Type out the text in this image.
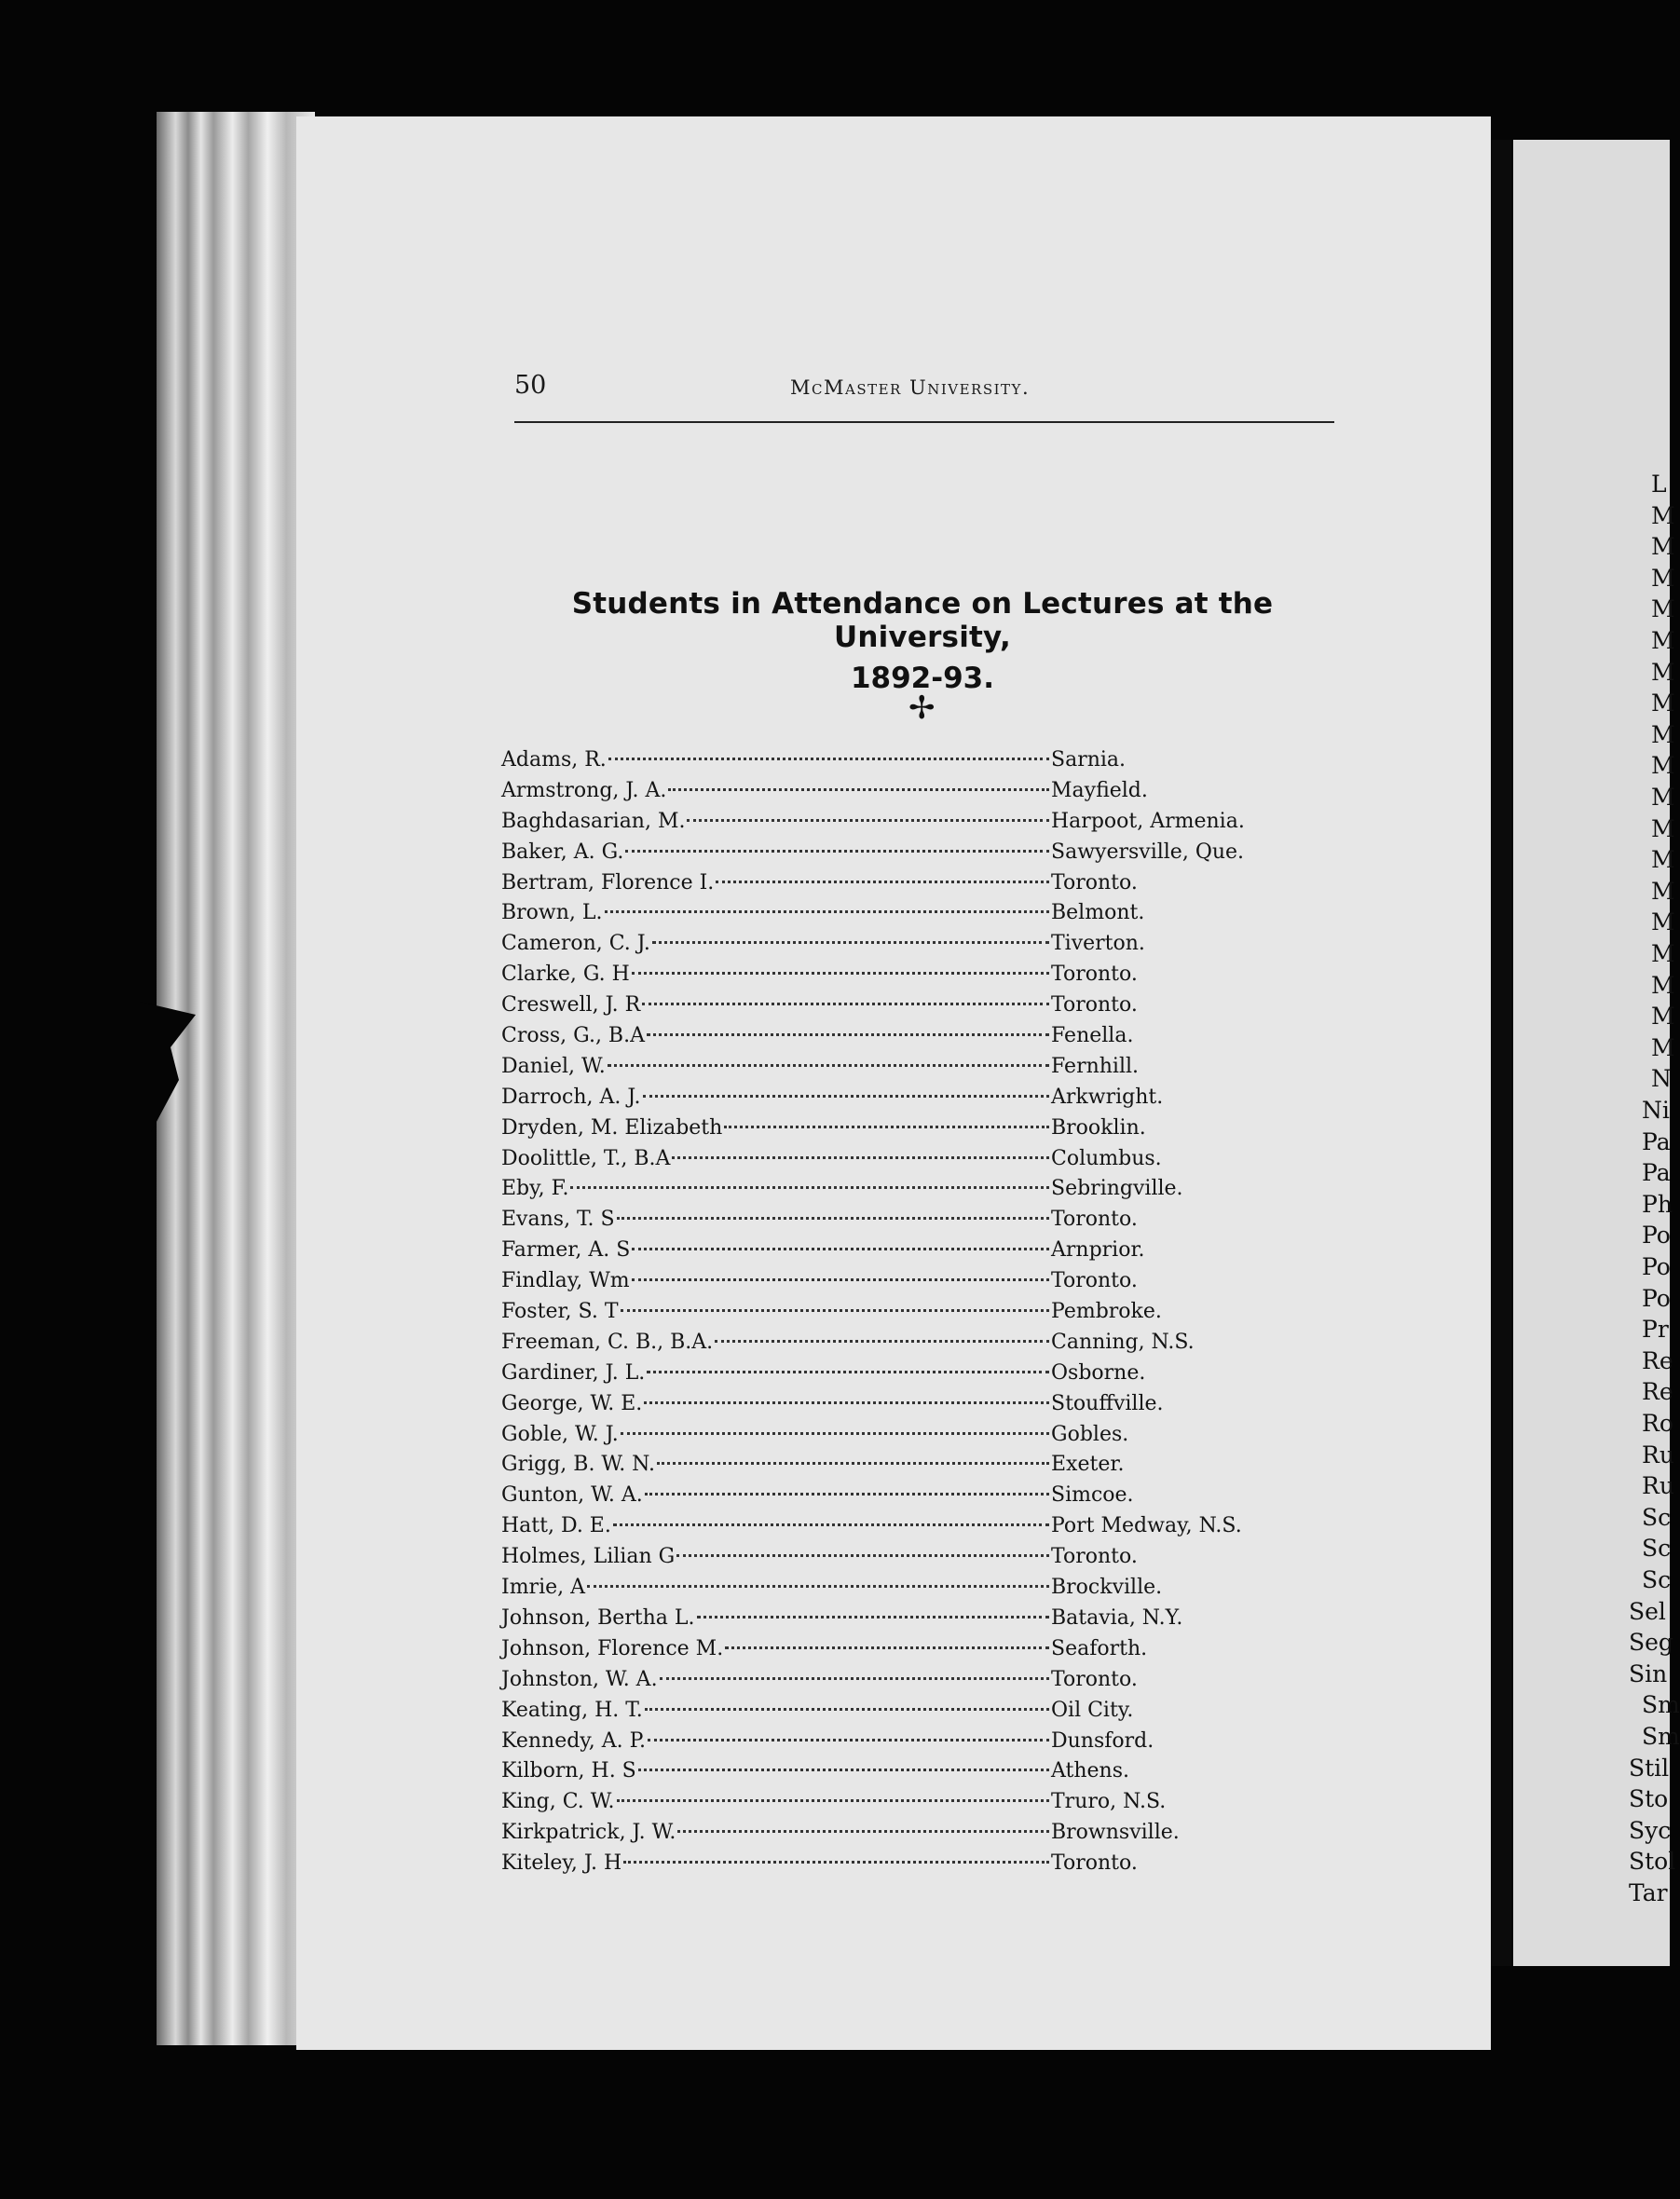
L
M
M
M
M
M
M
M
M
M
M
M
M
M
M
M
M
M
M
N
Ni
Pa
Pa
Ph
Po
Po
Po
Pr
Re
Re
Ro
Ru
Ru
Sc
Sc
Sc
Sel
Seg
Sin
Sm
Sm
Stil
Sto
Syc
Stol
Tar
50	McMaster University.
Students in Attendance on Lectures at the University,
1892-93.
✢
Adams, R.	Sarnia.
Armstrong, J. A.	Mayfield.
Baghdasarian, M.	Harpoot, Armenia.
Baker, A. G.	Sawyersville, Que.
Bertram, Florence I.	Toronto.
Brown, L.	Belmont.
Cameron, C. J.	Tiverton.
Clarke, G. H	Toronto.
Creswell, J. R	Toronto.
Cross, G., B.A	Fenella.
Daniel, W.	Fernhill.
Darroch, A. J.	Arkwright.
Dryden, M. Elizabeth	Brooklin.
Doolittle, T., B.A	Columbus.
Eby, F.	Sebringville.
Evans, T. S	Toronto.
Farmer, A. S	Arnprior.
Findlay, Wm	Toronto.
Foster, S. T	Pembroke.
Freeman, C. B., B.A.	Canning, N.S.
Gardiner, J. L.	Osborne.
George, W. E.	Stouffville.
Goble, W. J.	Gobles.
Grigg, B. W. N.	Exeter.
Gunton, W. A.	Simcoe.
Hatt, D. E.	Port Medway, N.S.
Holmes, Lilian G	Toronto.
Imrie, A	Brockville.
Johnson, Bertha L.	Batavia, N.Y.
Johnson, Florence M.	Seaforth.
Johnston, W. A.	Toronto.
Keating, H. T.	Oil City.
Kennedy, A. P.	Dunsford.
Kilborn, H. S	Athens.
King, C. W.	Truro, N.S.
Kirkpatrick, J. W.	Brownsville.
Kiteley, J. H	Toronto.
